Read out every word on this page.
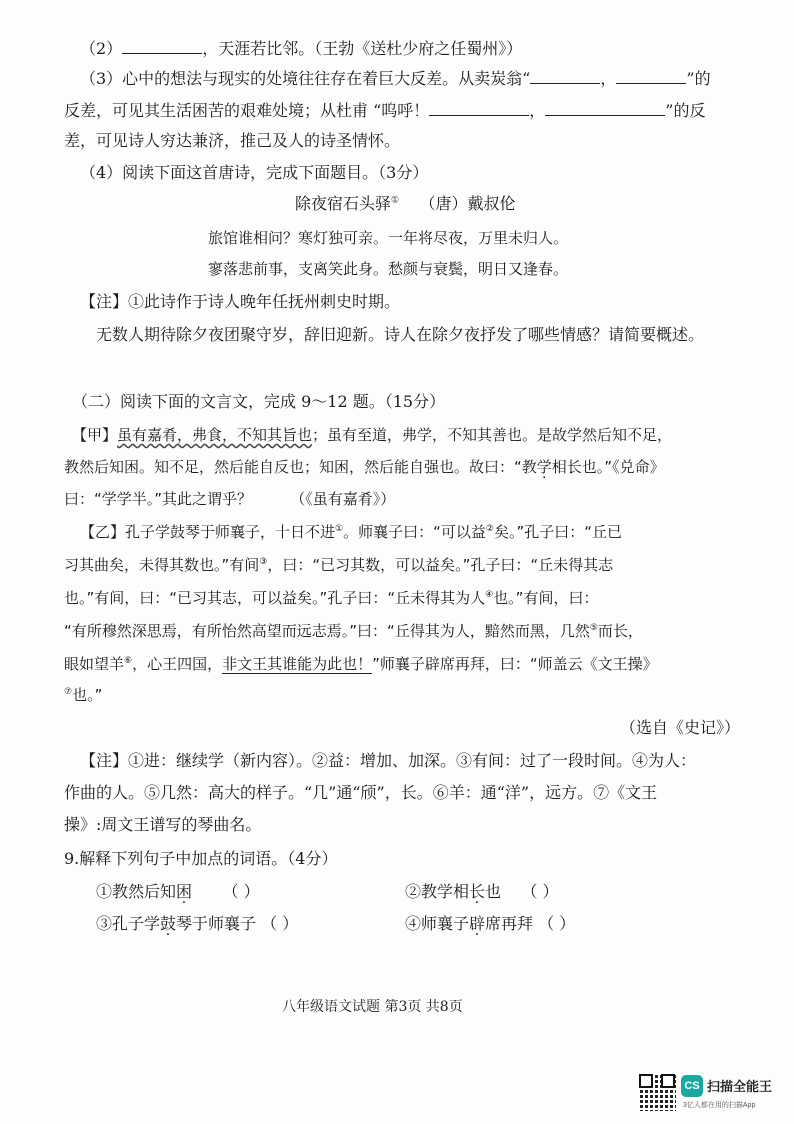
（2）	，天涯若比邻。（王勃《送杜少府之任蜀州》）
（3）心中的想法与现实的处境往往存在着巨大反差。从卖炭翁“	，	”的
反差，可见其生活困苦的艰难处境；从杜甫 “呜呼！	，	”的反
差，可见诗人穷达兼济，推己及人的诗圣情怀。
（4）阅读下面这首唐诗，完成下面题目。（3分）
除夜宿石头驿① （唐）戴叔伦
旅馆谁相问？寒灯独可亲。一年将尽夜，万里未归人。
寥落悲前事，支离笑此身。愁颜与衰鬓，明日又逢春。
【注】①此诗作于诗人晚年任抚州刺史时期。
无数人期待除夕夜团聚守岁，辞旧迎新。诗人在除夕夜抒发了哪些情感？请简要概述。
（二）阅读下面的文言文，完成 9～12 题。（15分）
【甲】虽有嘉肴，弗食，不知其旨也；虽有至道，弗学，不知其善也。是故学然后知不足，
教然后知困。知不足，然后能自反也；知困，然后能自强也。故曰：“教学相长也。”《兑命》
曰：“学学半。”其此之谓乎？	（《虽有嘉肴》）
【乙】孔子学鼓琴于师襄子，十日不进①。师襄子曰：“可以益②矣。”孔子曰：“丘已
习其曲矣，未得其数也。”有间③，曰：“已习其数，可以益矣。”孔子曰：“丘未得其志
也。”有间，曰：“已习其志，可以益矣。”孔子曰：“丘未得其为人④也。”有间，曰：
“有所穆然深思焉，有所怡然高望而远志焉。”曰：“丘得其为人，黯然而黑，几然⑤而长，
眼如望羊⑥，心王四国，非文王其谁能为此也！”师襄子辟席再拜，曰：“师盖云《文王操》
⑦也。”
（选自《史记》）
【注】①进：继续学（新内容）。②益：增加、加深。③有间：过了一段时间。④为人：
作曲的人。⑤几然：高大的样子。“几”通“颀”，长。⑥羊：通“洋”，远方。⑦《文王
操》:周文王谱写的琴曲名。
9.解释下列句子中加点的词语。（4分）
①教然后知困 （ ）	②教学相长也 （ ）
③孔子学鼓琴于师襄子 （ ）	④师襄子辟席再拜 （ ）
八年级语文试题 第3页 共8页
CS 扫描全能王
3亿人都在用的扫描App
